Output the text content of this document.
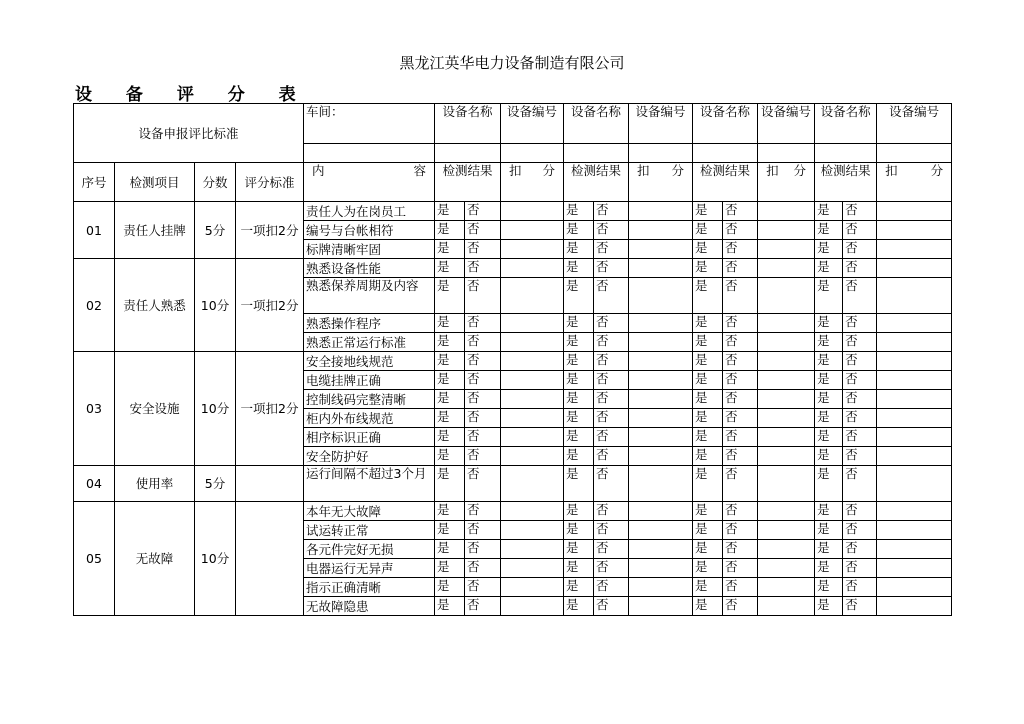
黑龙江英华电力设备制造有限公司
设 备 评 分 表
设备申报评比标准				车间：	设备名称		设备编号	设备名称		设备编号	设备名称		设备编号	设备名称		设备编号

序号	检测项目	分数	评分标准	内 容	检测结果		扣 分	检测结果		扣 分	检测结果		扣 分	检测结果		扣 分

01	责任人挂牌	5分	一项扣2分	责任人为在岗员工	是	否		是	否		是	否		是	否	
				编号与台帐相符	是	否		是	否		是	否		是	否	
				标牌清晰牢固	是	否		是	否		是	否		是	否	
02	责任人熟悉	10分	一项扣2分	熟悉设备性能	是	否		是	否		是	否		是	否	
				熟悉保养周期及内容	是	否		是	否		是	否		是	否	
				熟悉操作程序	是	否		是	否		是	否		是	否	
				熟悉正常运行标准	是	否		是	否		是	否		是	否	
03	安全设施	10分	一项扣2分	安全接地线规范	是	否		是	否		是	否		是	否	
				电缆挂牌正确	是	否		是	否		是	否		是	否	
				控制线码完整清晰	是	否		是	否		是	否		是	否	
				柜内外布线规范	是	否		是	否		是	否		是	否	
				相序标识正确	是	否		是	否		是	否		是	否	
				安全防护好	是	否		是	否		是	否		是	否	
04	使用率	5分		运行间隔不超过3个月	是	否		是	否		是	否		是	否	
05	无故障	10分		本年无大故障	是	否		是	否		是	否		是	否	
				试运转正常	是	否		是	否		是	否		是	否	
				各元件完好无损	是	否		是	否		是	否		是	否	
				电器运行无异声	是	否		是	否		是	否		是	否	
				指示正确清晰	是	否		是	否		是	否		是	否	
				无故障隐患	是	否		是	否		是	否		是	否	
